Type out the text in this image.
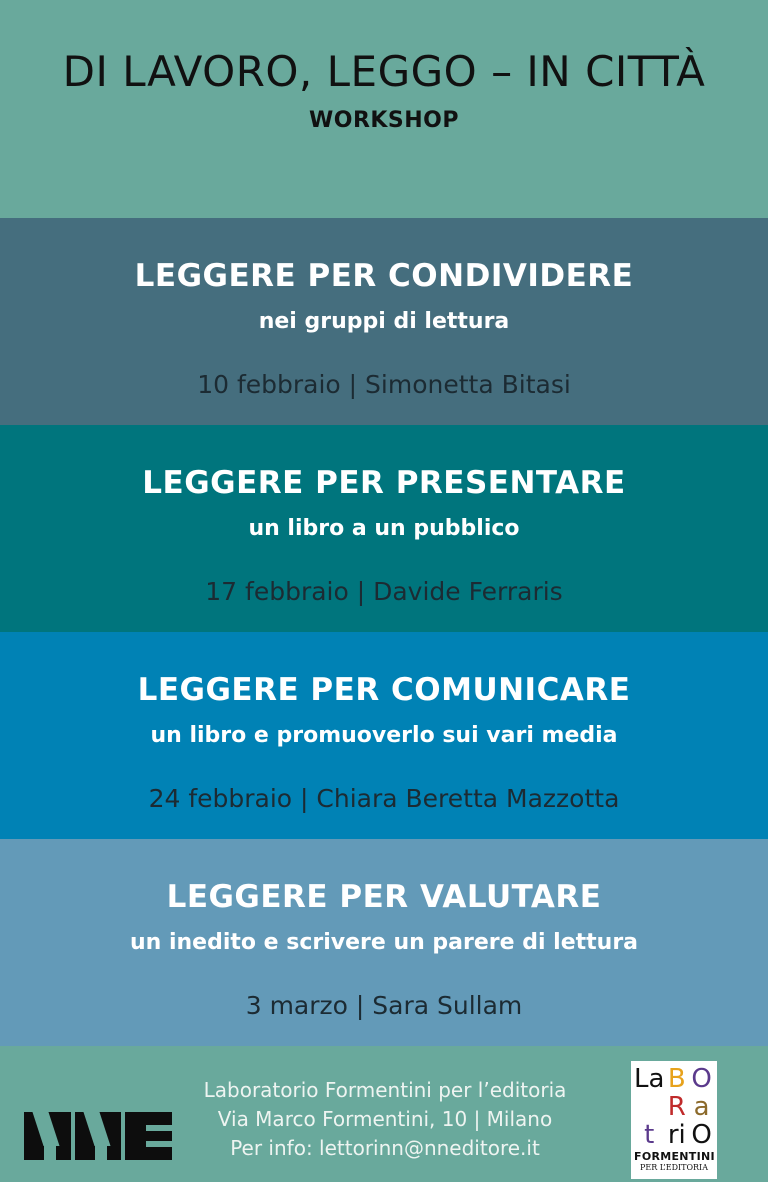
DI LAVORO, LEGGO – IN CITTÀ
WORKSHOP
LEGGERE PER CONDIVIDERE
nei gruppi di lettura
10 febbraio | Simonetta Bitasi
LEGGERE PER PRESENTARE
un libro a un pubblico
17 febbraio | Davide Ferraris
LEGGERE PER COMUNICARE
un libro e promuoverlo sui vari media
24 febbraio | Chiara Beretta Mazzotta
LEGGERE PER VALUTARE
un inedito e scrivere un parere di lettura
3 marzo | Sara Sullam
Laboratorio Formentini per l’editoria
Via Marco Formentini, 10 | Milano
Per info: lettorinn@nneditore.it
La B O
R a
t ri O
FORMENTINI
PER L’EDITORIA
